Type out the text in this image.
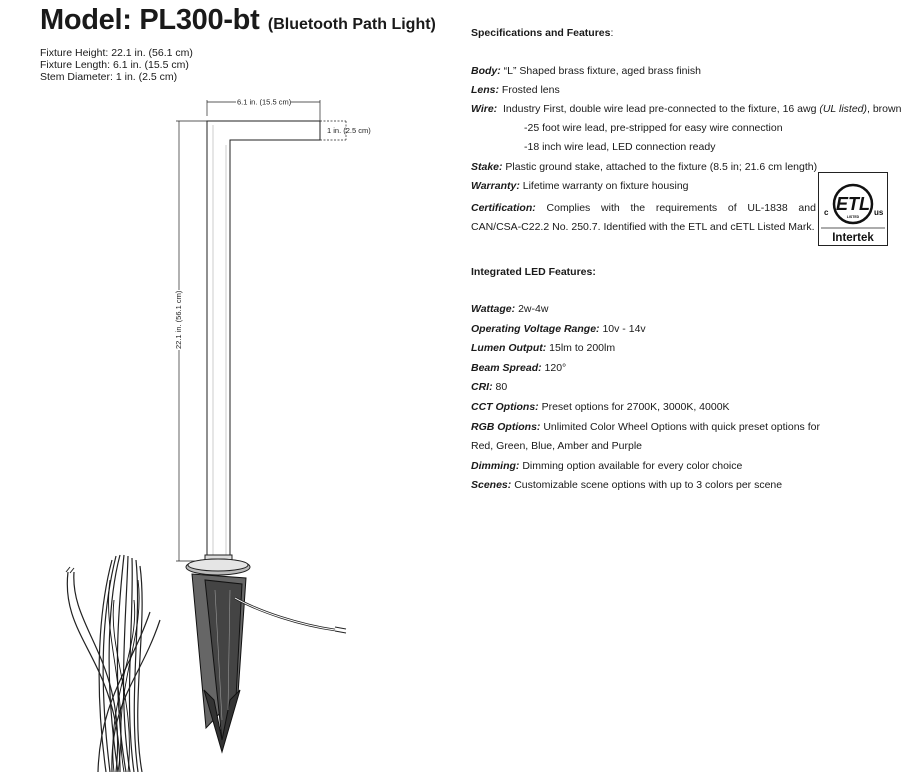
Model: PL300-bt (Bluetooth Path Light)
Fixture Height: 22.1 in. (56.1 cm)
Fixture Length: 6.1 in. (15.5 cm)
Stem Diameter: 1 in. (2.5 cm)
6.1 in. (15.5 cm)
1 in. (2.5 cm)
22.1 in. (56.1 cm)
Specifications and Features:
Body: “L” Shaped brass fixture, aged brass finish
Lens: Frosted lens
Wire:  Industry First, double wire lead pre-connected to the fixture, 16 awg (UL listed), brown
-25 foot wire lead, pre-stripped for easy wire connection
-18 inch wire lead, LED connection ready
Stake: Plastic ground stake, attached to the fixture (8.5 in; 21.6 cm length)
Warranty: Lifetime warranty on fixture housing
Certification: Complies with the requirements of UL-1838 and
CAN/CSA-C22.2 No. 250.7. Identified with the ETL and cETL Listed Mark.
ETL
LISTED
c	us
Intertek
Integrated LED Features:
Wattage: 2w-4w
Operating Voltage Range: 10v - 14v
Lumen Output: 15lm to 200lm
Beam Spread: 120°
CRI: 80
CCT Options: Preset options for 2700K, 3000K, 4000K
RGB Options: Unlimited Color Wheel Options with quick preset options for
Red, Green, Blue, Amber and Purple
Dimming: Dimming option available for every color choice
Scenes: Customizable scene options with up to 3 colors per scene
